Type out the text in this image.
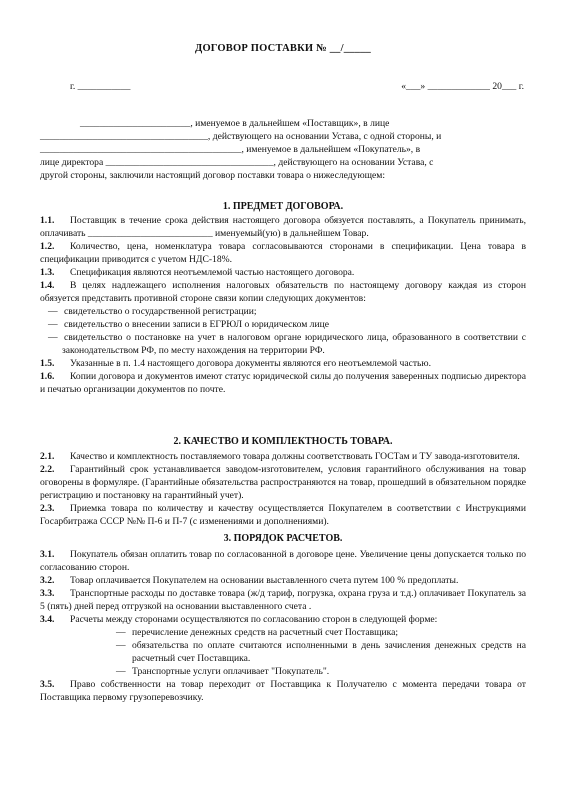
ДОГОВОР ПОСТАВКИ № __/_____
г. ___________	«___» _____________ 20___ г.

_______________________, именуемое в дальнейшем «Поставщик», в лице

___________________________________, действующего на основании Устава, с одной стороны, и

__________________________________________, именуемое в дальнейшем «Покупатель», в

лице директора ___________________________________, действующего на основании Устава, с

другой стороны, заключили настоящий договор поставки товара о нижеследующем:

1. ПРЕДМЕТ ДОГОВОРА.

1.1. Поставщик в течение срока действия настоящего договора обязуется поставлять, а Покупатель принимать, оплачивать __________________________ именуемый(ую) в дальнейшем Товар.

1.2. Количество, цена, номенклатура товара согласовываются сторонами в спецификации. Цена товара в спецификации приводится с учетом НДС-18%.

1.3. Спецификация являются неотъемлемой частью настоящего договора.

1.4. В целях надлежащего исполнения налоговых обязательств по настоящему договору каждая из сторон обязуется представить противной стороне связи копии следующих документов:

— свидетельство о государственной регистрации;

— свидетельство о внесении записи в ЕГРЮЛ о юридическом лице

— свидетельство о постановке на учет в налоговом органе юридического лица, образованного в соответствии с законодательством РФ, по месту нахождения на территории РФ.

1.5. Указанные в п. 1.4 настоящего договора документы являются его неотъемлемой частью.

1.6. Копии договора и документов имеют статус юридической силы до получения заверенных подписью директора и печатью организации документов по почте.

2. КАЧЕСТВО И КОМПЛЕКТНОСТЬ ТОВАРА.

2.1. Качество и комплектность поставляемого товара должны соответствовать ГОСТам и ТУ завода-изготовителя.

2.2. Гарантийный срок устанавливается заводом-изготовителем, условия гарантийного обслуживания на товар оговорены в формуляре. (Гарантийные обязательства распространяются на товар, прошедший в обязательном порядке регистрацию и постановку на гарантийный учет).

2.3. Приемка товара по количеству и качеству осуществляется Покупателем в соответствии с Инструкциями Госарбитража СССР №№ П-6 и П-7 (с изменениями и дополнениями).

3. ПОРЯДОК РАСЧЕТОВ.

3.1. Покупатель обязан оплатить товар по согласованной в договоре цене. Увеличение цены допускается только по согласованию сторон.

3.2. Товар оплачивается Покупателем на основании выставленного счета путем 100 % предоплаты.

3.3. Транспортные расходы по доставке товара (ж/д тариф, погрузка, охрана груза и т.д.) оплачивает Покупатель за 5 (пять) дней перед отгрузкой на основании выставленного счета .

3.4. Расчеты между сторонами осуществляются по согласованию сторон в следующей форме:

— перечисление денежных средств на расчетный счет Поставщика;

— обязательства по оплате считаются исполненными в день зачисления денежных средств на расчетный счет Поставщика.

— Транспортные услуги оплачивает "Покупатель".

3.5. Право собственности на товар переходит от Поставщика к Получателю с момента передачи товара от Поставщика первому грузоперевозчику.
